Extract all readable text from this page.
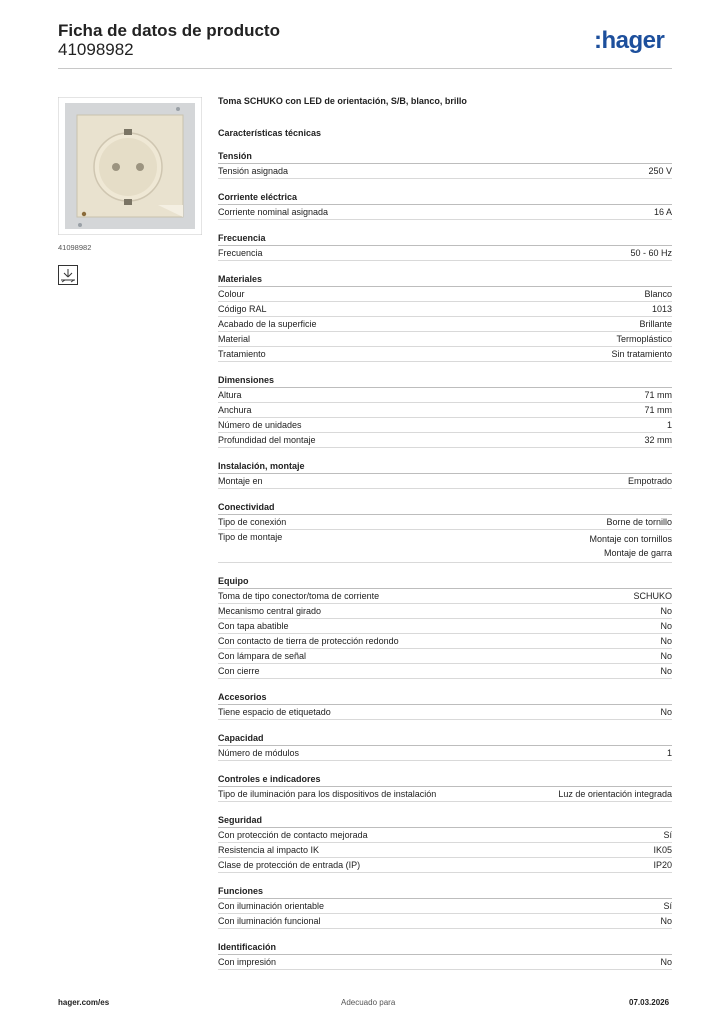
Ficha de datos de producto
41098982	:hager
41098982
Toma SCHUKO con LED de orientación, S/B, blanco, brillo
Características técnicas
Tensión
Tensión asignada	250 V
Corriente eléctrica
Corriente nominal asignada	16 A
Frecuencia
Frecuencia	50 - 60 Hz
Materiales
Colour	Blanco
Código RAL	1013
Acabado de la superficie	Brillante
Material	Termoplástico
Tratamiento	Sin tratamiento
Dimensiones
Altura	71 mm
Anchura	71 mm
Número de unidades	1
Profundidad del montaje	32 mm
Instalación, montaje
Montaje en	Empotrado
Conectividad
Tipo de conexión	Borne de tornillo
Tipo de montaje	Montaje con tornillos
Montaje de garra
Equipo
Toma de tipo conector/toma de corriente	SCHUKO
Mecanismo central girado	No
Con tapa abatible	No
Con contacto de tierra de protección redondo	No
Con lámpara de señal	No
Con cierre	No
Accesorios
Tiene espacio de etiquetado	No
Capacidad
Número de módulos	1
Controles e indicadores
Tipo de iluminación para los dispositivos de instalación	Luz de orientación integrada
Seguridad
Con protección de contacto mejorada	Sí
Resistencia al impacto IK	IK05
Clase de protección de entrada (IP)	IP20
Funciones
Con iluminación orientable	Sí
Con iluminación funcional	No
Identificación
Con impresión	No
hager.com/es	Adecuado para	07.03.2026
